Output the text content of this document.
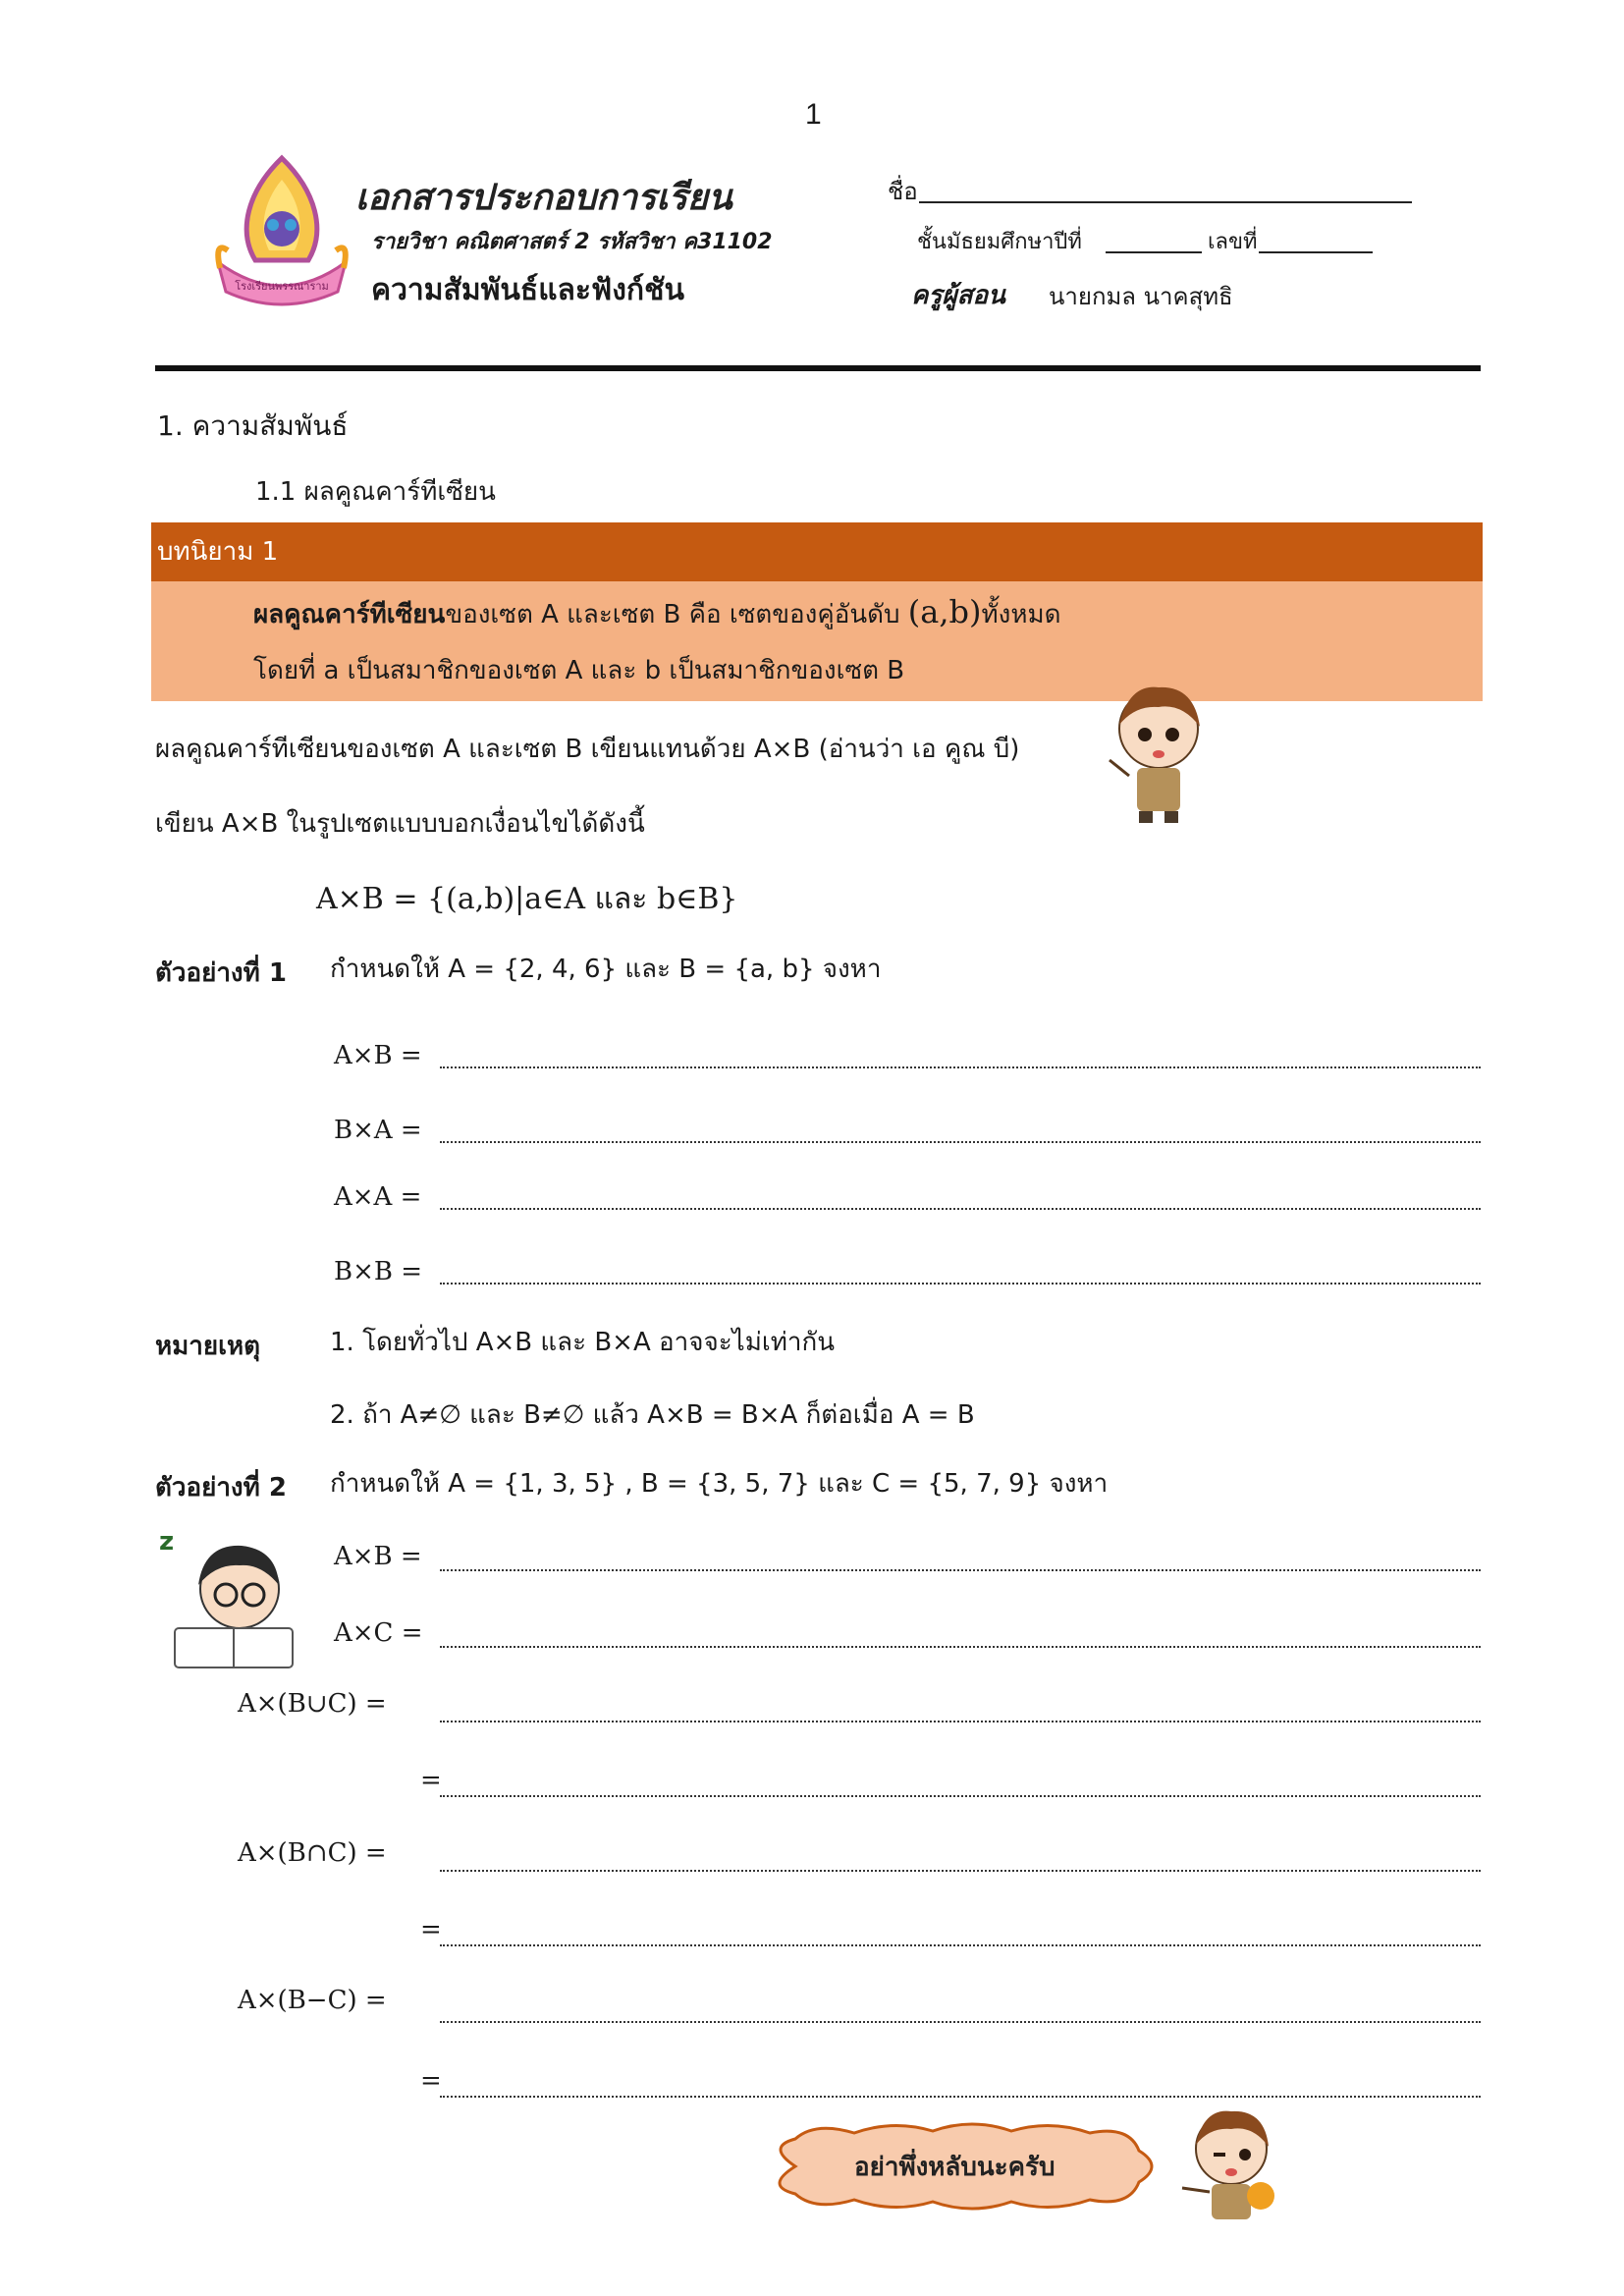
1
โรงเรียนพรรณาราม
เอกสารประกอบการเรียน
รายวิชา คณิตศาสตร์ 2 รหัสวิชา ค31102
ความสัมพันธ์และฟังก์ชัน
ชื่อ
ชั้นมัธยมศึกษาปีที่	เลขที่
ครูผู้สอน นายกมล นาคสุทธิ
1. ความสัมพันธ์
1.1 ผลคูณคาร์ทีเซียน
บทนิยาม 1
ผลคูณคาร์ทีเซียนของเซต A และเซต B คือ เซตของคู่อันดับ (a,b)ทั้งหมด
โดยที่ a เป็นสมาชิกของเซต A และ b เป็นสมาชิกของเซต B
ผลคูณคาร์ทีเซียนของเซต A และเซต B เขียนแทนด้วย A×B (อ่านว่า เอ คูณ บี)
เขียน A×B ในรูปเซตแบบบอกเงื่อนไขได้ดังนี้
A×B = {(a,b)|a∈A และ b∈B}
ตัวอย่างที่ 1 กำหนดให้ A = {2, 4, 6} และ B = {a, b} จงหา
A×B =
B×A =
A×A =
B×B =
หมายเหตุ	1. โดยทั่วไป A×B และ B×A อาจจะไม่เท่ากัน
2. ถ้า A≠∅ และ B≠∅ แล้ว A×B = B×A ก็ต่อเมื่อ A = B
ตัวอย่างที่ 2 กำหนดให้ A = {1, 3, 5} , B = {3, 5, 7} และ C = {5, 7, 9} จงหา
z	A×B =
A×C =
A×(B∪C) =
=
A×(B∩C) =
=
A×(B−C) =
=
อย่าพึ่งหลับนะครับ
